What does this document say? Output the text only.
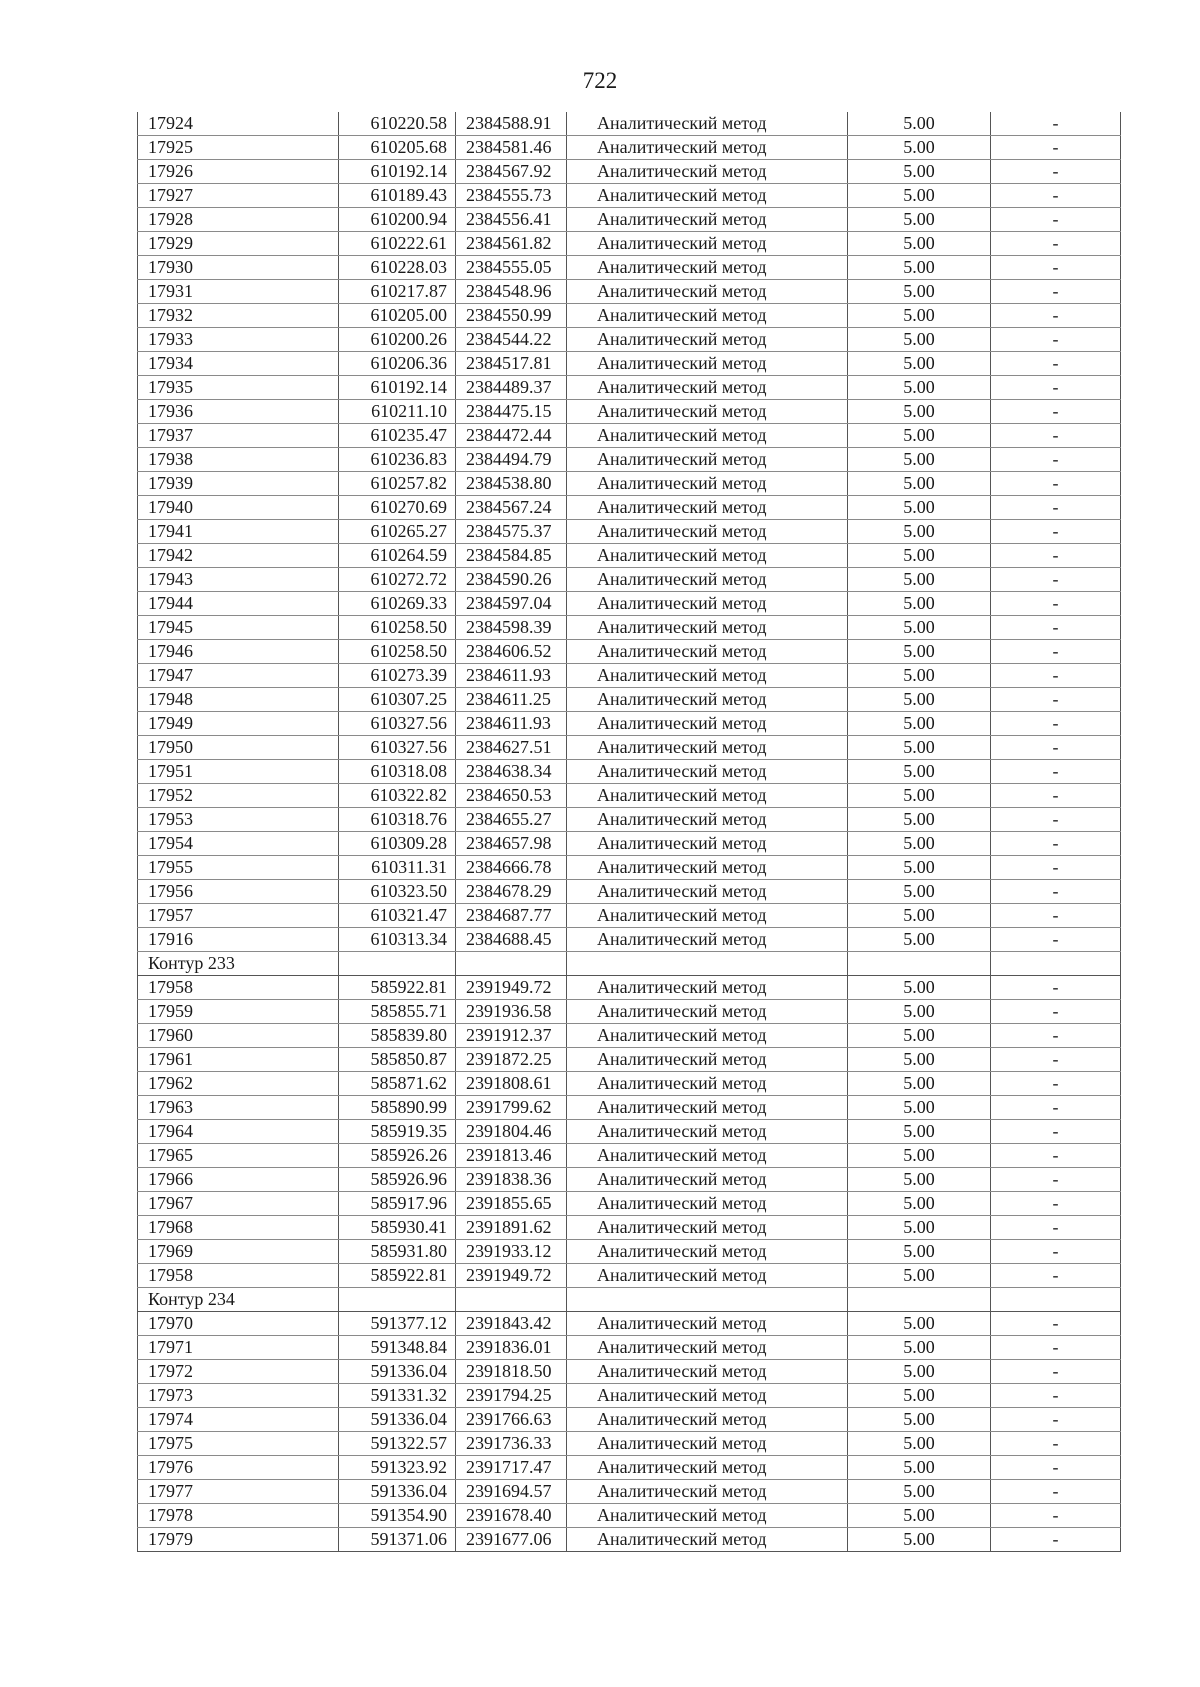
722
17924	610220.58	2384588.91	Аналитический метод	5.00	-
17925	610205.68	2384581.46	Аналитический метод	5.00	-
17926	610192.14	2384567.92	Аналитический метод	5.00	-
17927	610189.43	2384555.73	Аналитический метод	5.00	-
17928	610200.94	2384556.41	Аналитический метод	5.00	-
17929	610222.61	2384561.82	Аналитический метод	5.00	-
17930	610228.03	2384555.05	Аналитический метод	5.00	-
17931	610217.87	2384548.96	Аналитический метод	5.00	-
17932	610205.00	2384550.99	Аналитический метод	5.00	-
17933	610200.26	2384544.22	Аналитический метод	5.00	-
17934	610206.36	2384517.81	Аналитический метод	5.00	-
17935	610192.14	2384489.37	Аналитический метод	5.00	-
17936	610211.10	2384475.15	Аналитический метод	5.00	-
17937	610235.47	2384472.44	Аналитический метод	5.00	-
17938	610236.83	2384494.79	Аналитический метод	5.00	-
17939	610257.82	2384538.80	Аналитический метод	5.00	-
17940	610270.69	2384567.24	Аналитический метод	5.00	-
17941	610265.27	2384575.37	Аналитический метод	5.00	-
17942	610264.59	2384584.85	Аналитический метод	5.00	-
17943	610272.72	2384590.26	Аналитический метод	5.00	-
17944	610269.33	2384597.04	Аналитический метод	5.00	-
17945	610258.50	2384598.39	Аналитический метод	5.00	-
17946	610258.50	2384606.52	Аналитический метод	5.00	-
17947	610273.39	2384611.93	Аналитический метод	5.00	-
17948	610307.25	2384611.25	Аналитический метод	5.00	-
17949	610327.56	2384611.93	Аналитический метод	5.00	-
17950	610327.56	2384627.51	Аналитический метод	5.00	-
17951	610318.08	2384638.34	Аналитический метод	5.00	-
17952	610322.82	2384650.53	Аналитический метод	5.00	-
17953	610318.76	2384655.27	Аналитический метод	5.00	-
17954	610309.28	2384657.98	Аналитический метод	5.00	-
17955	610311.31	2384666.78	Аналитический метод	5.00	-
17956	610323.50	2384678.29	Аналитический метод	5.00	-
17957	610321.47	2384687.77	Аналитический метод	5.00	-
17916	610313.34	2384688.45	Аналитический метод	5.00	-
Контур 233					
17958	585922.81	2391949.72	Аналитический метод	5.00	-
17959	585855.71	2391936.58	Аналитический метод	5.00	-
17960	585839.80	2391912.37	Аналитический метод	5.00	-
17961	585850.87	2391872.25	Аналитический метод	5.00	-
17962	585871.62	2391808.61	Аналитический метод	5.00	-
17963	585890.99	2391799.62	Аналитический метод	5.00	-
17964	585919.35	2391804.46	Аналитический метод	5.00	-
17965	585926.26	2391813.46	Аналитический метод	5.00	-
17966	585926.96	2391838.36	Аналитический метод	5.00	-
17967	585917.96	2391855.65	Аналитический метод	5.00	-
17968	585930.41	2391891.62	Аналитический метод	5.00	-
17969	585931.80	2391933.12	Аналитический метод	5.00	-
17958	585922.81	2391949.72	Аналитический метод	5.00	-
Контур 234					
17970	591377.12	2391843.42	Аналитический метод	5.00	-
17971	591348.84	2391836.01	Аналитический метод	5.00	-
17972	591336.04	2391818.50	Аналитический метод	5.00	-
17973	591331.32	2391794.25	Аналитический метод	5.00	-
17974	591336.04	2391766.63	Аналитический метод	5.00	-
17975	591322.57	2391736.33	Аналитический метод	5.00	-
17976	591323.92	2391717.47	Аналитический метод	5.00	-
17977	591336.04	2391694.57	Аналитический метод	5.00	-
17978	591354.90	2391678.40	Аналитический метод	5.00	-
17979	591371.06	2391677.06	Аналитический метод	5.00	-
